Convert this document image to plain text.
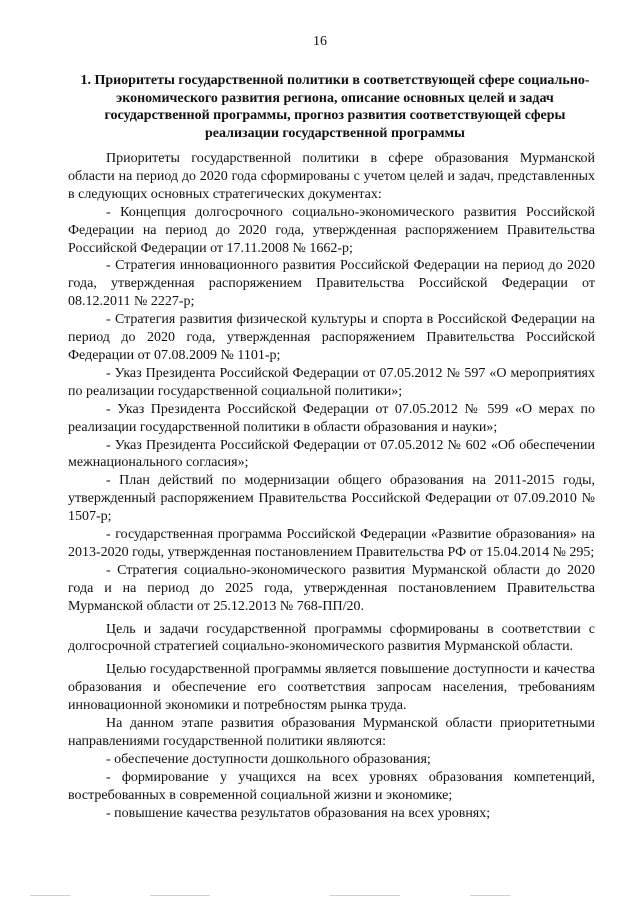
16
1. Приоритеты государственной политики в соответствующей сфере социально-экономического развития региона, описание основных целей и задач государственной программы, прогноз развития соответствующей сферы реализации государственной программы

Приоритеты государственной политики в сфере образования Мурманской области на период до 2020 года сформированы с учетом целей и задач, представленных в следующих основных стратегических документах:

- Концепция долгосрочного социально-экономического развития Российской Федерации на период до 2020 года, утвержденная распоряжением Правительства Российской Федерации от 17.11.2008 № 1662-р;

- Стратегия инновационного развития Российской Федерации на период до 2020 года, утвержденная распоряжением Правительства Российской Федерации от 08.12.2011 № 2227-р;

- Стратегия развития физической культуры и спорта в Российской Федерации на период до 2020 года, утвержденная распоряжением Правительства Российской Федерации от 07.08.2009 № 1101-р;

- Указ Президента Российской Федерации от 07.05.2012 № 597 «О мероприятиях по реализации государственной социальной политики»;

- Указ Президента Российской Федерации от 07.05.2012 № 599 «О мерах по реализации государственной политики в области образования и науки»;

- Указ Президента Российской Федерации от 07.05.2012 № 602 «Об обеспечении межнационального согласия»;

- План действий по модернизации общего образования на 2011-2015 годы, утвержденный распоряжением Правительства Российской Федерации от 07.09.2010 № 1507-р;

- государственная программа Российской Федерации «Развитие образования» на 2013-2020 годы, утвержденная постановлением Правительства РФ от 15.04.2014 № 295;

- Стратегия социально-экономического развития Мурманской области до 2020 года и на период до 2025 года, утвержденная постановлением Правительства Мурманской области от 25.12.2013 № 768-ПП/20.

Цель и задачи государственной программы сформированы в соответствии с долгосрочной стратегией социально-экономического развития Мурманской области.

Целью государственной программы является повышение доступности и качества образования и обеспечение его соответствия запросам населения, требованиям инновационной экономики и потребностям рынка труда.

На данном этапе развития образования Мурманской области приоритетными направлениями государственной политики являются:

- обеспечение доступности дошкольного образования;

- формирование у учащихся на всех уровнях образования компетенций, востребованных в современной социальной жизни и экономике;

- повышение качества результатов образования на всех уровнях;
